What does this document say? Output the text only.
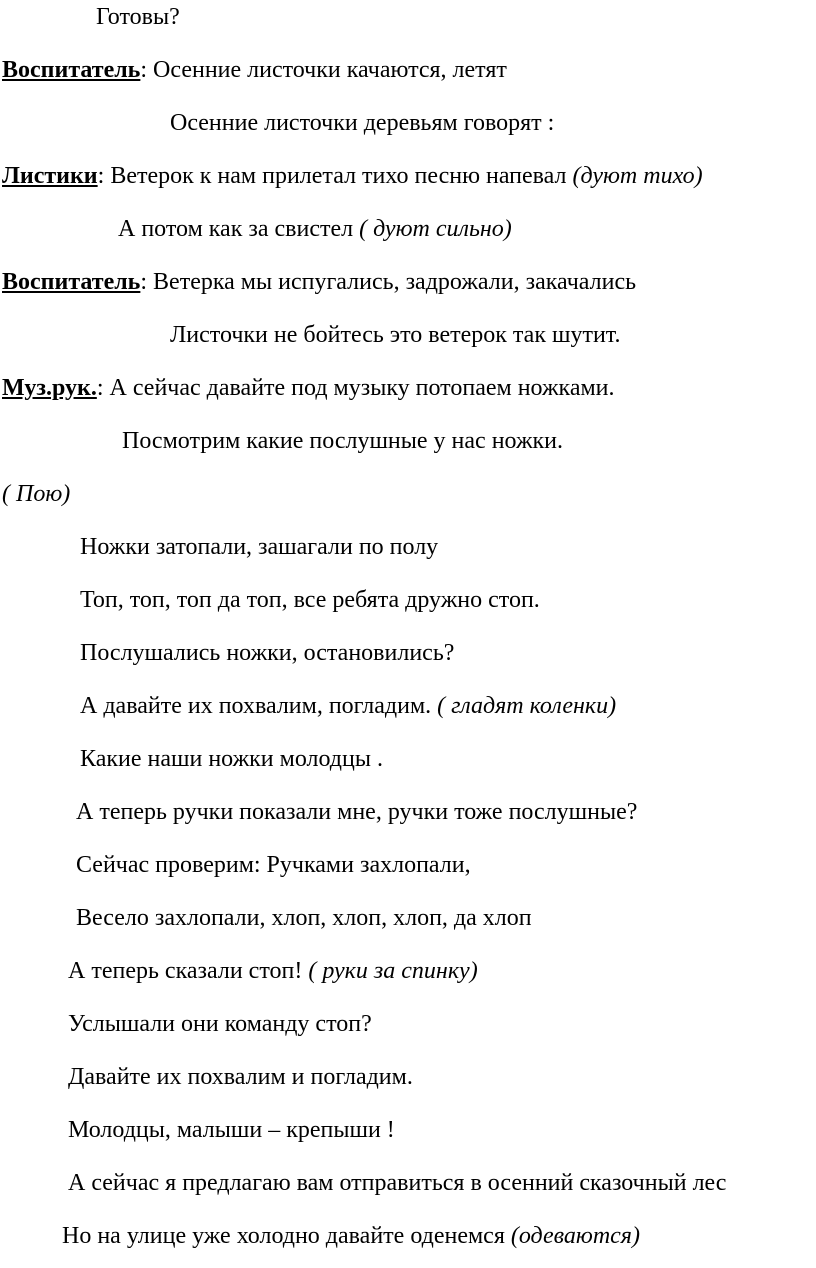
Готовы?
Воспитатель: Осенние листочки качаются, летят
Осенние листочки деревьям говорят :
Листики: Ветерок к нам прилетал тихо песню напевал (дуют тихо)
А потом как за свистел ( дуют сильно)
Воспитатель: Ветерка мы испугались, задрожали, закачались
Листочки не бойтесь это ветерок так шутит.
Муз.рук.: А сейчас давайте под музыку потопаем ножками.
Посмотрим какие послушные у нас ножки.
( Пою)
Ножки затопали, зашагали по полу
Топ, топ, топ да топ, все ребята дружно стоп.
Послушались ножки, остановились?
А давайте их похвалим, погладим. ( гладят коленки)
Какие наши ножки молодцы .
А теперь ручки показали мне, ручки тоже послушные?
Сейчас проверим: Ручками захлопали,
Весело захлопали, хлоп, хлоп, хлоп, да хлоп
А теперь сказали стоп! ( руки за спинку)
Услышали они команду стоп?
Давайте их похвалим и погладим.
Молодцы, малыши – крепыши !
А сейчас я предлагаю вам отправиться в осенний сказочный лес
Но на улице уже холодно давайте оденемся (одеваются)
